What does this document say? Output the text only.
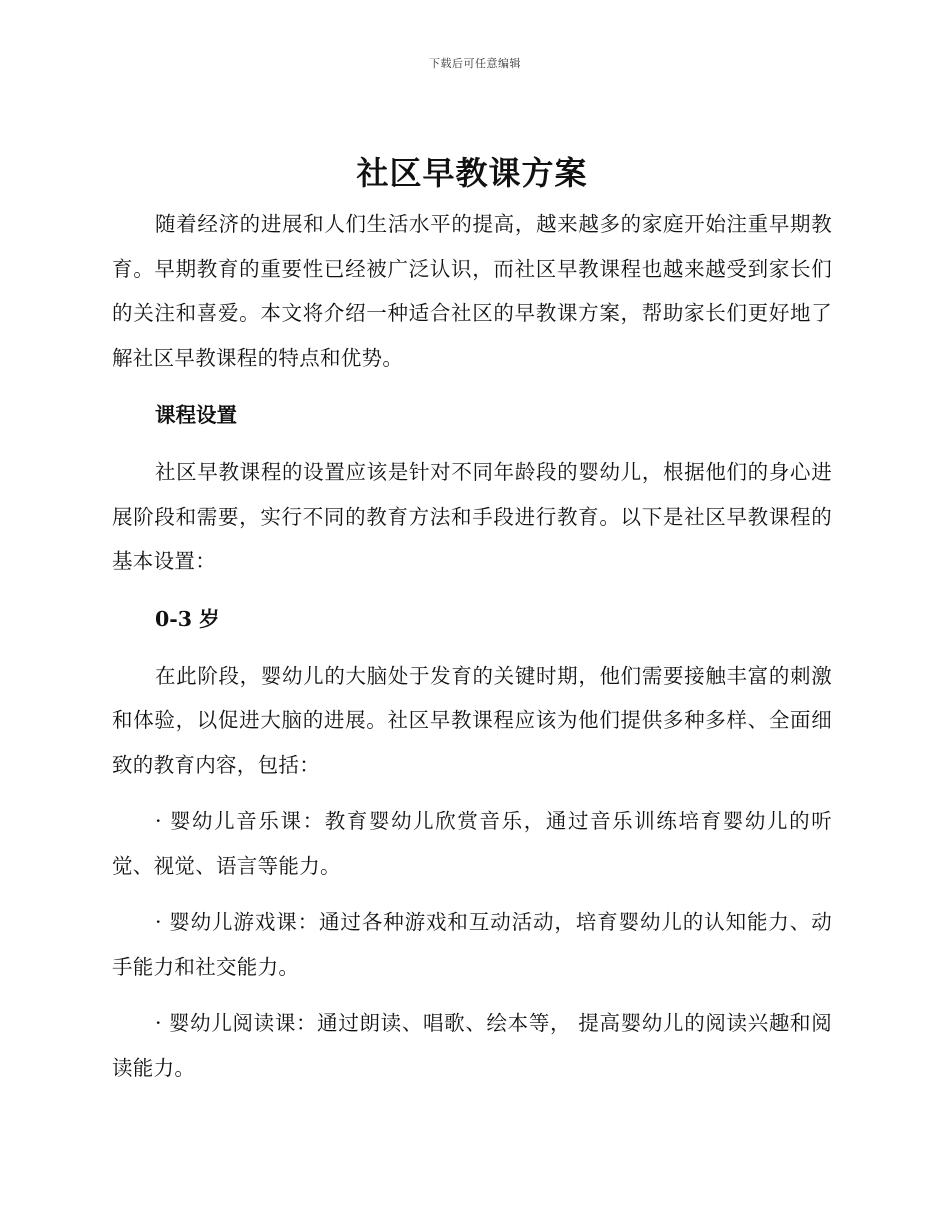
下载后可任意编辑
社区早教课方案

随着经济的进展和人们生活水平的提高，越来越多的家庭开始注重早期教育。早期教育的重要性已经被广泛认识，而社区早教课程也越来越受到家长们的关注和喜爱。本文将介绍一种适合社区的早教课方案，帮助家长们更好地了解社区早教课程的特点和优势。

课程设置

社区早教课程的设置应该是针对不同年龄段的婴幼儿，根据他们的身心进展阶段和需要，实行不同的教育方法和手段进行教育。以下是社区早教课程的基本设置：

0-3 岁

在此阶段，婴幼儿的大脑处于发育的关键时期，他们需要接触丰富的刺激和体验，以促进大脑的进展。社区早教课程应该为他们提供多种多样、全面细致的教育内容，包括：

· 婴幼儿音乐课：教育婴幼儿欣赏音乐，通过音乐训练培育婴幼儿的听觉、视觉、语言等能力。

· 婴幼儿游戏课：通过各种游戏和互动活动，培育婴幼儿的认知能力、动手能力和社交能力。

· 婴幼儿阅读课：通过朗读、唱歌、绘本等， 提高婴幼儿的阅读兴趣和阅读能力。
